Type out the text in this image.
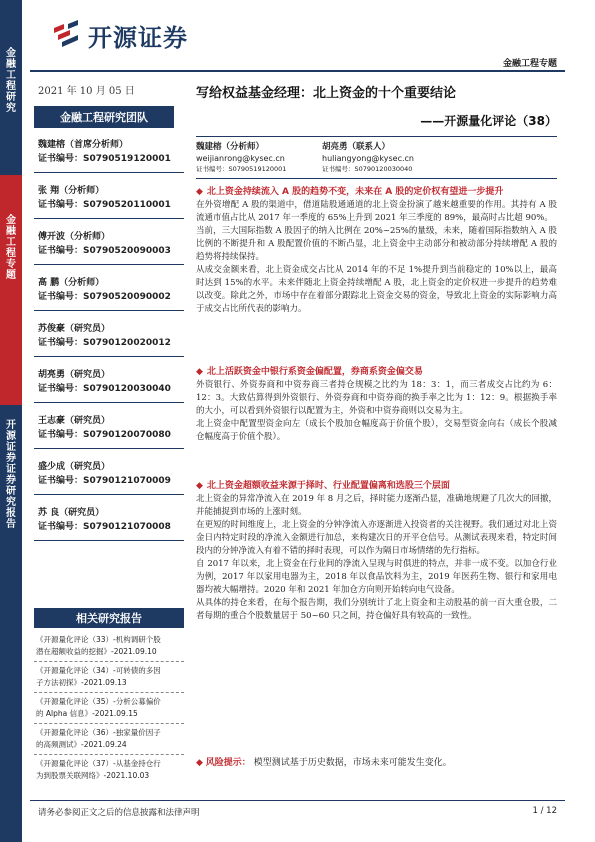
金融工程研究
金融工程专题
开源证券 证券研究报告
开源证券
金融工程专题
2021 年 10 月 05 日
金融工程研究团队
魏建榕（首席分析师）
证书编号：S0790519120001
张 翔（分析师）
证书编号：S0790520110001
傅开波（分析师）
证书编号：S0790520090003
高 鹏（分析师）
证书编号：S0790520090002
苏俊豪（研究员）
证书编号：S0790120020012
胡亮勇（研究员）
证书编号：S0790120030040
王志豪（研究员）
证书编号：S0790120070080
盛少成（研究员）
证书编号：S0790121070009
苏 良（研究员）
证书编号：S0790121070008
相关研究报告
《开源量化评论（33）-机构调研个股
潜在超额收益的挖掘》-2021.09.10
《开源量化评论（34）-可转债的多因
子方法初探》-2021.09.13
《开源量化评论（35）-分析公募偏价
的 Alpha 信息》-2021.09.15
《开源量化评论（36）-独家量价因子
的高频测试》-2021.09.24
《开源量化评论（37）-从基金持仓行
为到股票关联网络》-2021.10.03
写给权益基金经理：北上资金的十个重要结论
——开源量化评论（38）
魏建榕（分析师）
weijianrong@kysec.cn
证书编号：S0790519120001
胡亮勇（联系人）
huliangyong@kysec.cn
证书编号：S0790120030040
◆ 北上资金持续流入 A 股的趋势不变，未来在 A 股的定价权有望进一步提升

在外资增配 A 股的渠道中，借道陆股通通道的北上资金扮演了越来越重要的作用。其持有 A 股流通市值占比从 2017 年一季度的 65%上升到 2021 年三季度的 89%，最高时占比超 90%。

当前，三大国际指数 A 股因子的纳入比例在 20%~25%的量级，未来，随着国际指数纳入 A 股比例的不断提升和 A 股配置价值的不断凸显，北上资金中主动部分和被动部分持续增配 A 股的趋势将持续保持。

从成交金额来看，北上资金成交占比从 2014 年的不足 1%提升到当前稳定的 10%以上，最高时达到 15%的水平。未来伴随北上资金持续增配 A 股，北上资金的定价权进一步提升的趋势难以改变。除此之外，市场中存在着部分跟踪北上资金交易的资金，导致北上资金的实际影响力高于成交占比所代表的影响力。

◆ 北上活跃资金中银行系资金偏配置，券商系资金偏交易

外资银行、外资券商和中资券商三者持仓规模之比约为 18：3：1，而三者成交占比约为 6：12：3。大致估算得到外资银行、外资券商和中资券商的换手率之比为 1：12：9。根据换手率的大小，可以看到外资银行以配置为主，外资和中资券商则以交易为主。

北上资金中配置型资金向左（成长个股加仓幅度高于价值个股），交易型资金向右（成长个股减仓幅度高于价值个股）。

◆ 北上资金超额收益来源于择时、行业配置偏离和选股三个层面

北上资金的异常净流入在 2019 年 8 月之后，择时能力逐渐凸显，准确地规避了几次大的回撤，并能捕捉到市场的上涨时刻。

在更短的时间维度上，北上资金的分钟净流入亦逐渐进入投资者的关注视野。我们通过对北上资金日内特定时段的净流入金额进行加总，来构建次日的开平仓信号。从测试表现来看，特定时间段内的分钟净流入有着不错的择时表现，可以作为隔日市场情绪的先行指标。

自 2017 年以来，北上资金在行业间的净流入呈现与时俱进的特点，并非一成不变。以加仓行业为例，2017 年以家用电器为主，2018 年以食品饮料为主，2019 年医药生物、银行和家用电器均被大幅增持。2020 年和 2021 年加仓方向则开始转向电气设备。

从具体的持仓来看，在每个报告期，我们分别统计了北上资金和主动股基的前一百大重仓股，二者每期的重合个股数量居于 50~60 只之间，持仓偏好具有较高的一致性。

◆ 风险提示： 模型测试基于历史数据，市场未来可能发生变化。
请务必参阅正文之后的信息披露和法律声明	1 / 12
